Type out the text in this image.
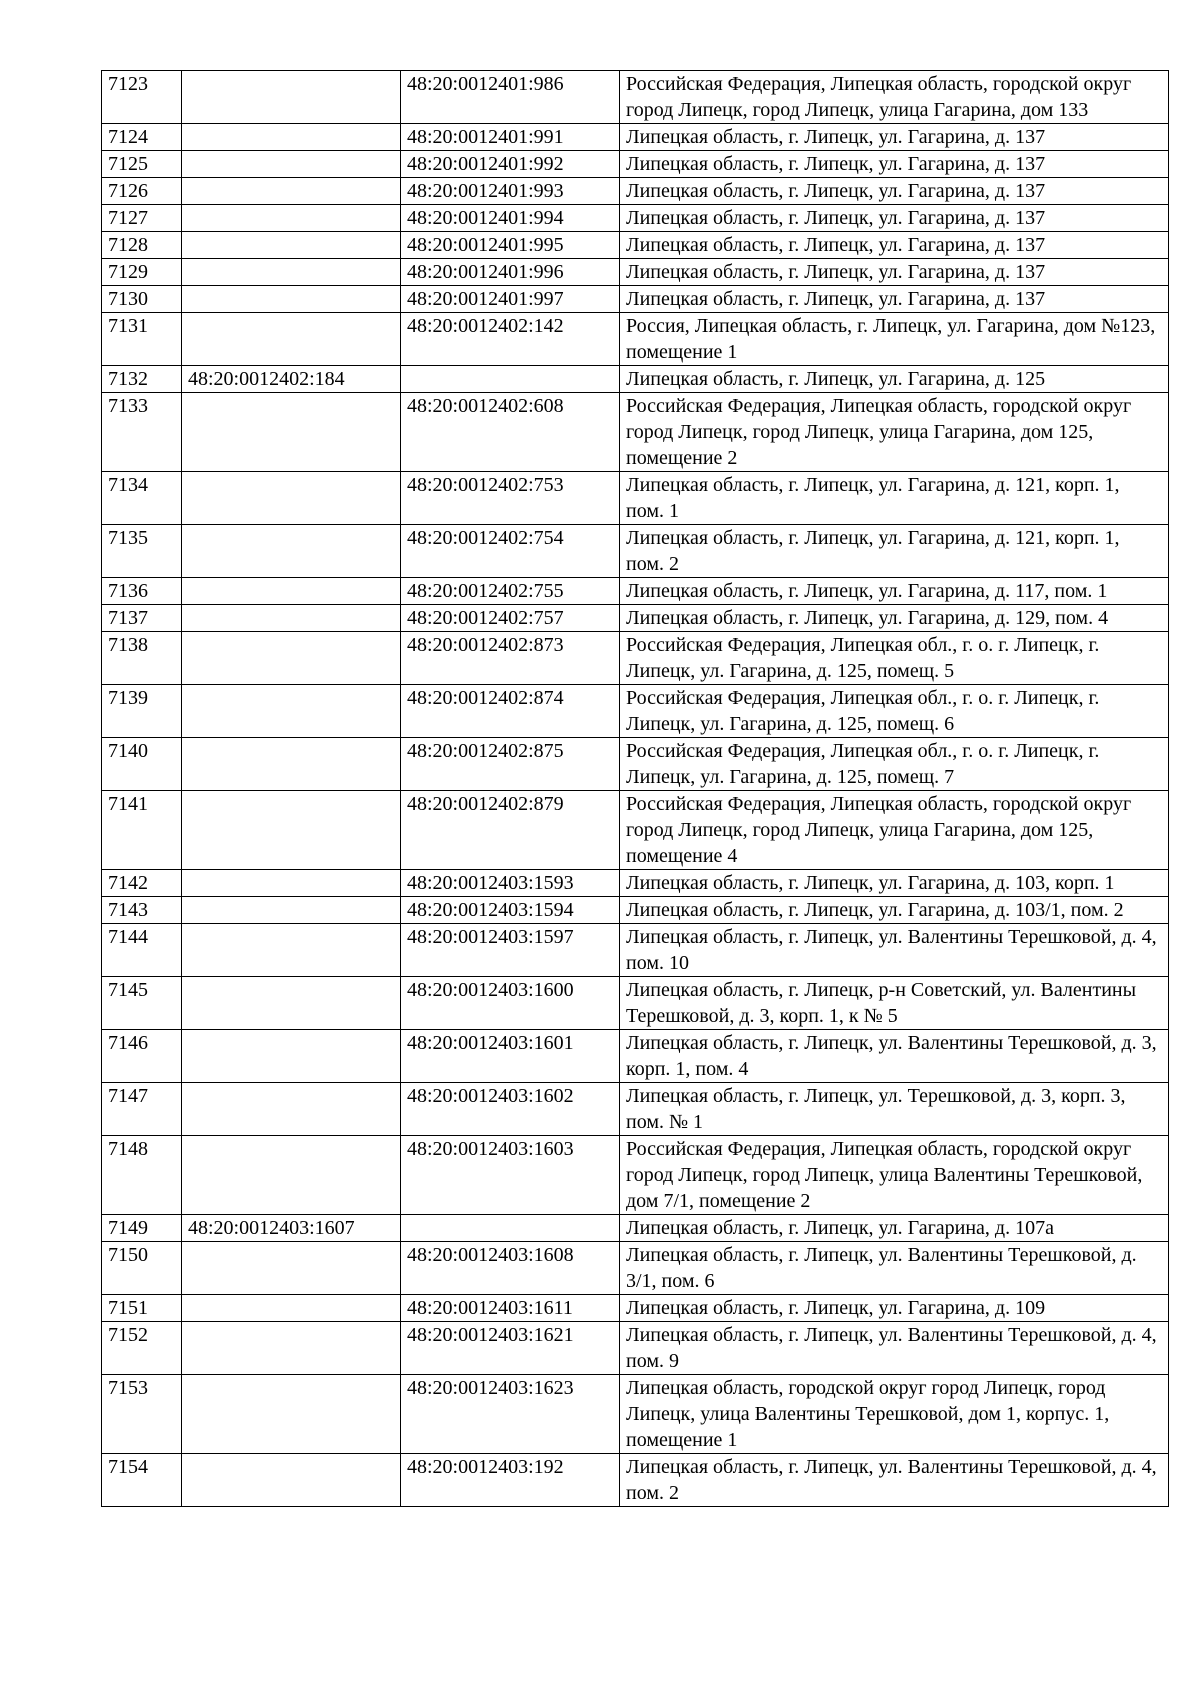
7123		48:20:0012401:986	Российская Федерация, Липецкая область, городской округ город Липецк, город Липецк, улица Гагарина, дом 133
7124		48:20:0012401:991	Липецкая область, г. Липецк, ул. Гагарина, д. 137
7125		48:20:0012401:992	Липецкая область, г. Липецк, ул. Гагарина, д. 137
7126		48:20:0012401:993	Липецкая область, г. Липецк, ул. Гагарина, д. 137
7127		48:20:0012401:994	Липецкая область, г. Липецк, ул. Гагарина, д. 137
7128		48:20:0012401:995	Липецкая область, г. Липецк, ул. Гагарина, д. 137
7129		48:20:0012401:996	Липецкая область, г. Липецк, ул. Гагарина, д. 137
7130		48:20:0012401:997	Липецкая область, г. Липецк, ул. Гагарина, д. 137
7131		48:20:0012402:142	Россия, Липецкая область, г. Липецк, ул. Гагарина, дом №123, помещение 1
7132	48:20:0012402:184		Липецкая область, г. Липецк, ул. Гагарина, д. 125
7133		48:20:0012402:608	Российская Федерация, Липецкая область, городской округ город Липецк, город Липецк, улица Гагарина, дом 125, помещение 2
7134		48:20:0012402:753	Липецкая область, г. Липецк, ул. Гагарина, д. 121, корп. 1, пом. 1
7135		48:20:0012402:754	Липецкая область, г. Липецк, ул. Гагарина, д. 121, корп. 1, пом. 2
7136		48:20:0012402:755	Липецкая область, г. Липецк, ул. Гагарина, д. 117, пом. 1
7137		48:20:0012402:757	Липецкая область, г. Липецк, ул. Гагарина, д. 129, пом. 4
7138		48:20:0012402:873	Российская Федерация, Липецкая обл., г. о. г. Липецк, г. Липецк, ул. Гагарина, д. 125, помещ. 5
7139		48:20:0012402:874	Российская Федерация, Липецкая обл., г. о. г. Липецк, г. Липецк, ул. Гагарина, д. 125, помещ. 6
7140		48:20:0012402:875	Российская Федерация, Липецкая обл., г. о. г. Липецк, г. Липецк, ул. Гагарина, д. 125, помещ. 7
7141		48:20:0012402:879	Российская Федерация, Липецкая область, городской округ город Липецк, город Липецк, улица Гагарина, дом 125, помещение 4
7142		48:20:0012403:1593	Липецкая область, г. Липецк, ул. Гагарина, д. 103, корп. 1
7143		48:20:0012403:1594	Липецкая область, г. Липецк, ул. Гагарина, д. 103/1, пом. 2
7144		48:20:0012403:1597	Липецкая область, г. Липецк, ул. Валентины Терешковой, д. 4, пом. 10
7145		48:20:0012403:1600	Липецкая область, г. Липецк, р-н Советский, ул. Валентины Терешковой, д. 3, корп. 1, к № 5
7146		48:20:0012403:1601	Липецкая область, г. Липецк, ул. Валентины Терешковой, д. 3, корп. 1, пом. 4
7147		48:20:0012403:1602	Липецкая область, г. Липецк, ул. Терешковой, д. 3, корп. 3, пом. № 1
7148		48:20:0012403:1603	Российская Федерация, Липецкая область, городской округ город Липецк, город Липецк, улица Валентины Терешковой, дом 7/1, помещение 2
7149	48:20:0012403:1607		Липецкая область, г. Липецк, ул. Гагарина, д. 107а
7150		48:20:0012403:1608	Липецкая область, г. Липецк, ул. Валентины Терешковой, д. 3/1, пом. 6
7151		48:20:0012403:1611	Липецкая область, г. Липецк, ул. Гагарина, д. 109
7152		48:20:0012403:1621	Липецкая область, г. Липецк, ул. Валентины Терешковой, д. 4, пом. 9
7153		48:20:0012403:1623	Липецкая область, городской округ город Липецк, город Липецк, улица Валентины Терешковой, дом 1, корпус. 1, помещение 1
7154		48:20:0012403:192	Липецкая область, г. Липецк, ул. Валентины Терешковой, д. 4, пом. 2
